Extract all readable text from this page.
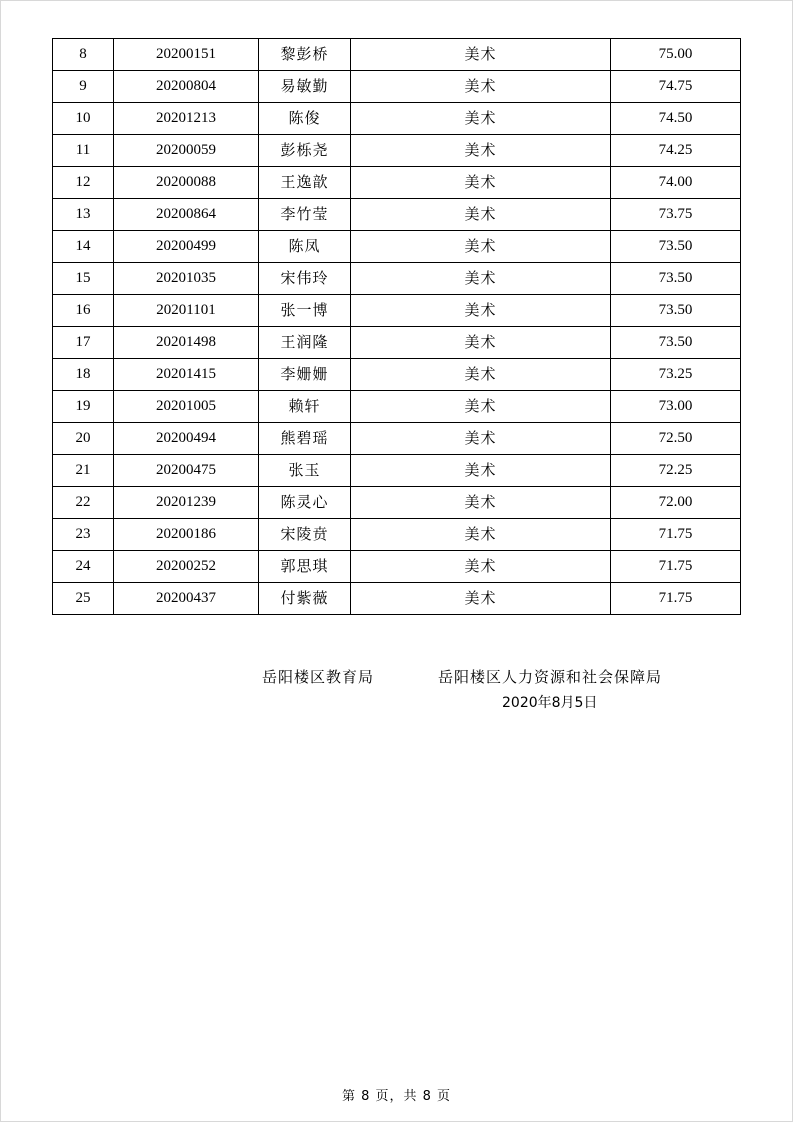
8	20200151	黎彭桥	美术	75.00
9	20200804	易敏勤	美术	74.75
10	20201213	陈俊	美术	74.50
11	20200059	彭栎尧	美术	74.25
12	20200088	王逸歆	美术	74.00
13	20200864	李竹莹	美术	73.75
14	20200499	陈凤	美术	73.50
15	20201035	宋伟玲	美术	73.50
16	20201101	张一博	美术	73.50
17	20201498	王润隆	美术	73.50
18	20201415	李姗姗	美术	73.25
19	20201005	赖轩	美术	73.00
20	20200494	熊碧瑶	美术	72.50
21	20200475	张玉	美术	72.25
22	20201239	陈灵心	美术	72.00
23	20200186	宋陵贲	美术	71.75
24	20200252	郭思琪	美术	71.75
25	20200437	付紫薇	美术	71.75
岳阳楼区教育局	岳阳楼区人力资源和社会保障局
2020年8月5日
第 8 页，共 8 页
